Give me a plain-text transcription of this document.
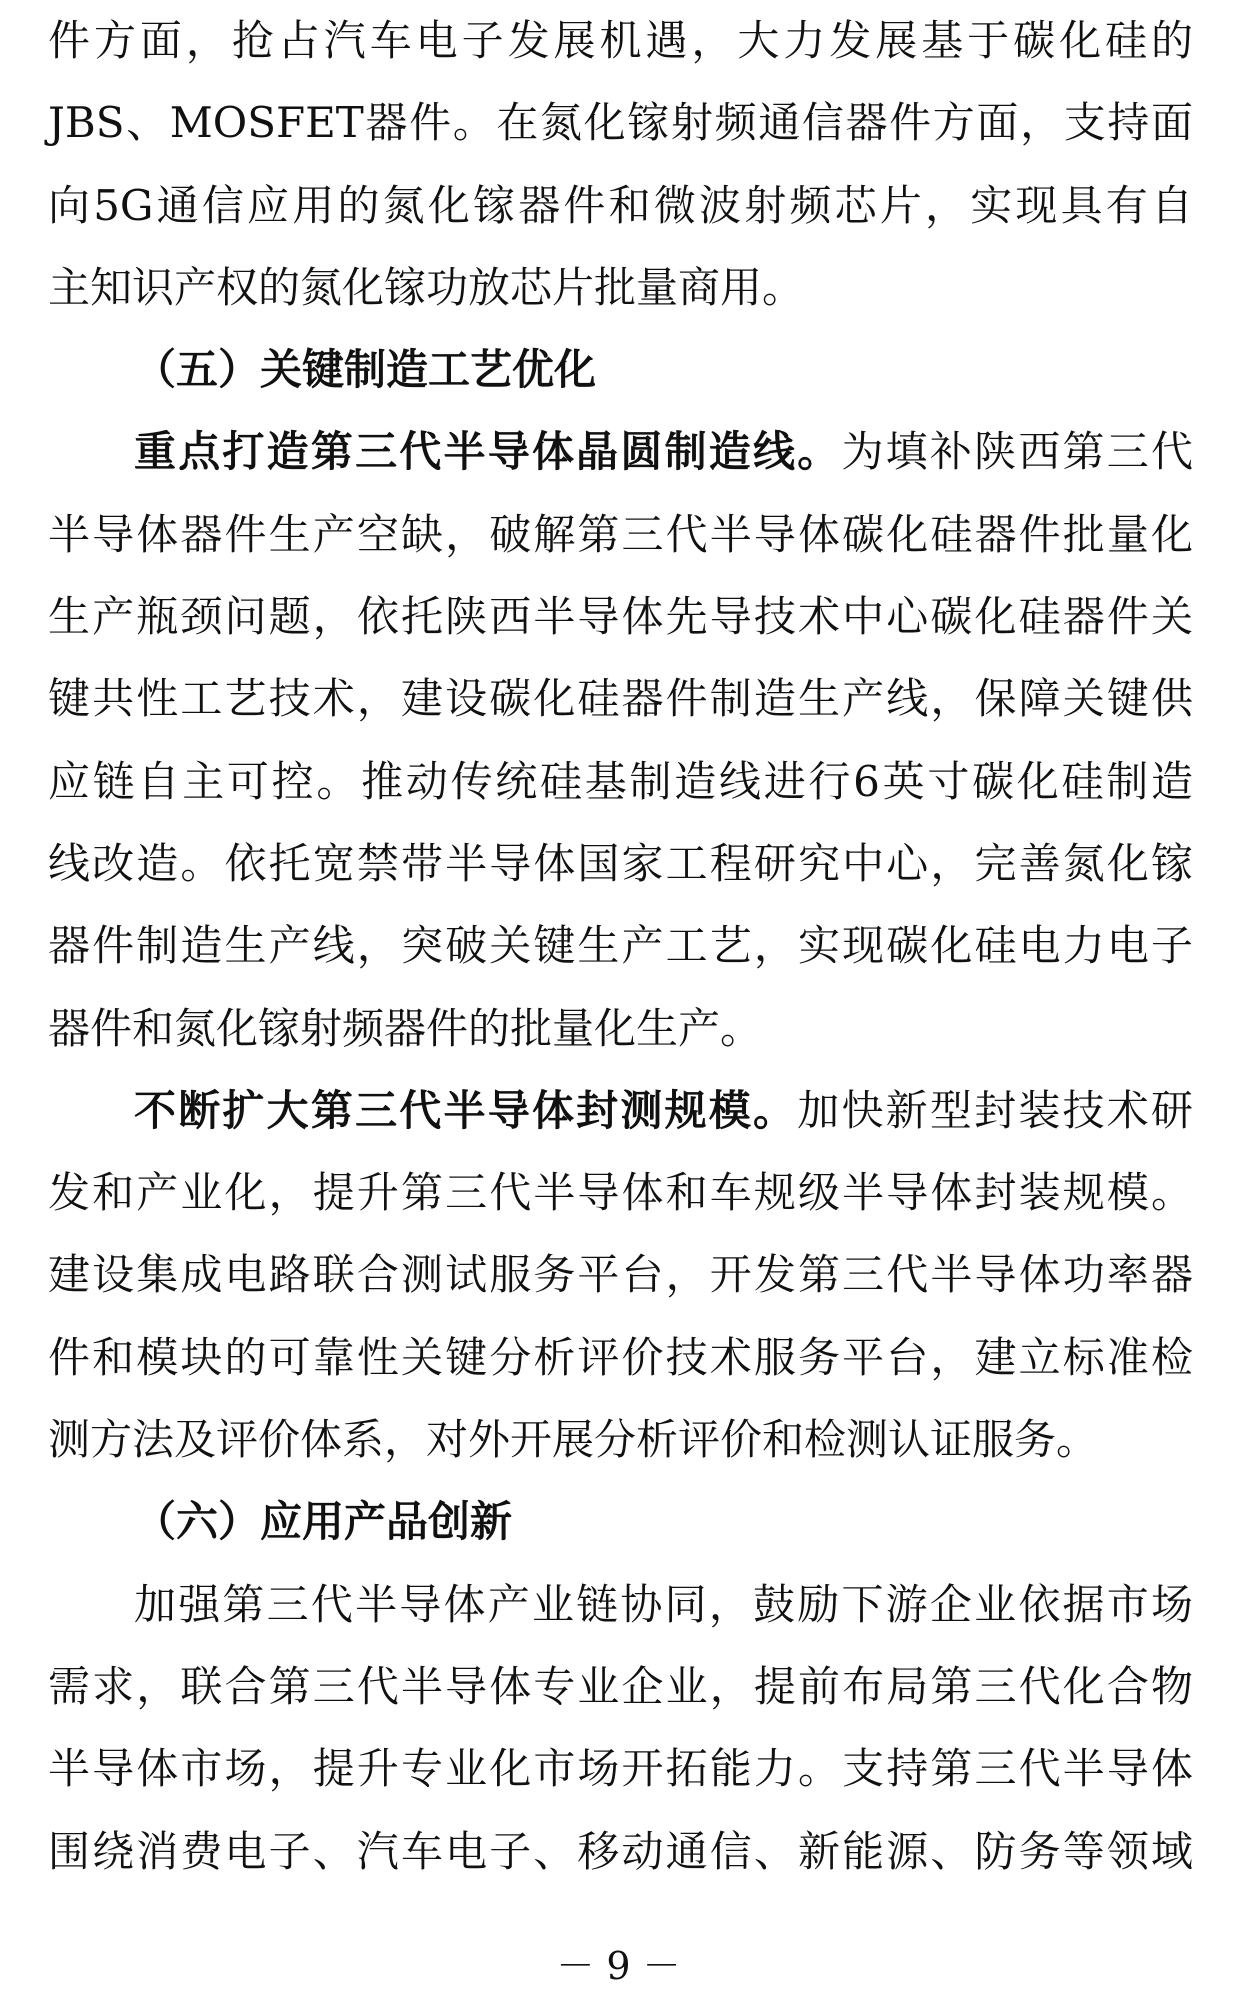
件方面，抢占汽车电子发展机遇，大力发展基于碳化硅的
JBS、MOSFET器件。在氮化镓射频通信器件方面，支持面
向5G通信应用的氮化镓器件和微波射频芯片，实现具有自
主知识产权的氮化镓功放芯片批量商用。
（五）关键制造工艺优化
重点打造第三代半导体晶圆制造线。为填补陕西第三代
半导体器件生产空缺，破解第三代半导体碳化硅器件批量化
生产瓶颈问题，依托陕西半导体先导技术中心碳化硅器件关
键共性工艺技术，建设碳化硅器件制造生产线，保障关键供
应链自主可控。推动传统硅基制造线进行6英寸碳化硅制造
线改造。依托宽禁带半导体国家工程研究中心，完善氮化镓
器件制造生产线，突破关键生产工艺，实现碳化硅电力电子
器件和氮化镓射频器件的批量化生产。
不断扩大第三代半导体封测规模。加快新型封装技术研
发和产业化，提升第三代半导体和车规级半导体封装规模。
建设集成电路联合测试服务平台，开发第三代半导体功率器
件和模块的可靠性关键分析评价技术服务平台，建立标准检
测方法及评价体系，对外开展分析评价和检测认证服务。
（六）应用产品创新
加强第三代半导体产业链协同，鼓励下游企业依据市场
需求，联合第三代半导体专业企业，提前布局第三代化合物
半导体市场，提升专业化市场开拓能力。支持第三代半导体
围绕消费电子、汽车电子、移动通信、新能源、防务等领域
－ 9 －
